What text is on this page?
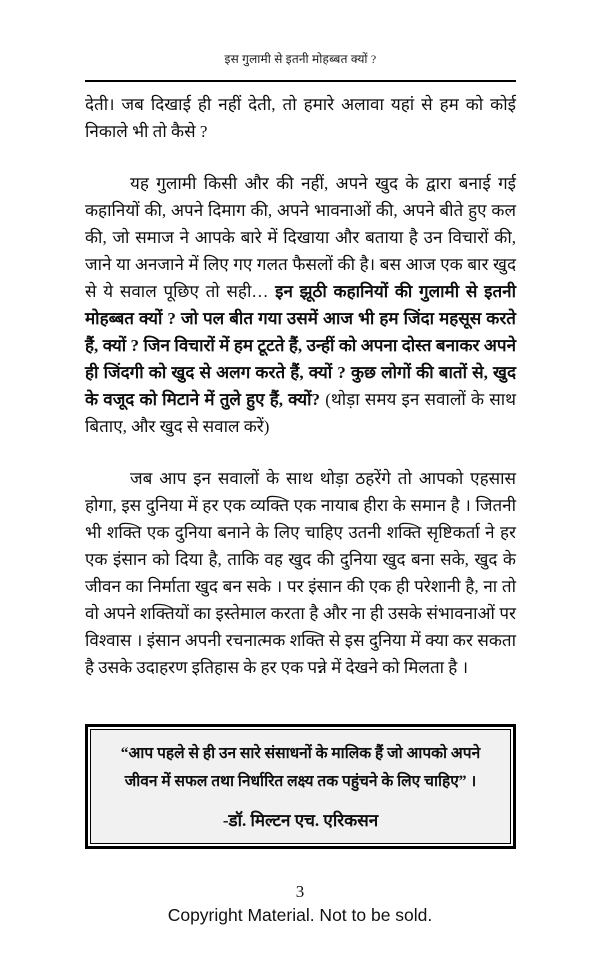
इस गुलामी से इतनी मोहब्बत क्यों ?

देती। जब दिखाई ही नहीं देती, तो हमारे अलावा यहां से हम को कोई निकाले भी तो कैसे ?

यह गुलामी किसी और की नहीं, अपने खुद के द्वारा बनाई गई कहानियों की, अपने दिमाग की, अपने भावनाओं की, अपने बीते हुए कल की, जो समाज ने आपके बारे में दिखाया और बताया है उन विचारों की, जाने या अनजाने में लिए गए गलत फैसलों की है। बस आज एक बार खुद से ये सवाल पूछिए तो सही… इन झूठी कहानियों की गुलामी से इतनी मोहब्बत क्यों ? जो पल बीत गया उसमें आज भी हम जिंदा महसूस करते हैं, क्यों ? जिन विचारों में हम टूटते हैं, उन्हीं को अपना दोस्त बनाकर अपने ही जिंदगी को खुद से अलग करते हैं, क्यों ? कुछ लोगों की बातों से, खुद के वजूद को मिटाने में तुले हुए हैं, क्यों? (थोड़ा समय इन सवालों के साथ बिताए, और खुद से सवाल करें)

जब आप इन सवालों के साथ थोड़ा ठहरेंगे तो आपको एहसास होगा, इस दुनिया में हर एक व्यक्ति एक नायाब हीरा के समान है । जितनी भी शक्ति एक दुनिया बनाने के लिए चाहिए उतनी शक्ति सृष्टिकर्ता ने हर एक इंसान को दिया है, ताकि वह खुद की दुनिया खुद बना सके, खुद के जीवन का निर्माता खुद बन सके । पर इंसान की एक ही परेशानी है, ना तो वो अपने शक्तियों का इस्तेमाल करता है और ना ही उसके संभावनाओं पर विश्वास । इंसान अपनी रचनात्मक शक्ति से इस दुनिया में क्या कर सकता है उसके उदाहरण इतिहास के हर एक पन्ने में देखने को मिलता है ।

“आप पहले से ही उन सारे संसाधनों के मालिक हैं जो आपको अपने जीवन में सफल तथा निर्धारित लक्ष्य तक पहुंचने के लिए चाहिए” ।

-डॉ. मिल्टन एच. एरिकसन

3
Copyright Material. Not to be sold.
